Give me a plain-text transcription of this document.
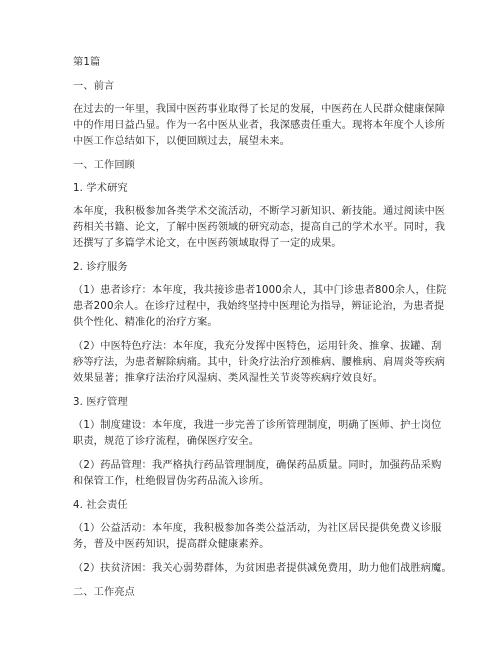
第1篇
一、前言
在过去的一年里，我国中医药事业取得了长足的发展，中医药在人民群众健康保障
中的作用日益凸显。作为一名中医从业者，我深感责任重大。现将本年度个人诊所
中医工作总结如下，以便回顾过去，展望未来。
一、工作回顾
1. 学术研究
本年度，我积极参加各类学术交流活动，不断学习新知识、新技能。通过阅读中医
药相关书籍、论文，了解中医药领域的研究动态，提高自己的学术水平。同时，我
还撰写了多篇学术论文，在中医药领域取得了一定的成果。
2. 诊疗服务
（1）患者诊疗：本年度，我共接诊患者1000余人，其中门诊患者800余人，住院
患者200余人。在诊疗过程中，我始终坚持中医理论为指导，辨证论治，为患者提
供个性化、精准化的治疗方案。
（2）中医特色疗法：本年度，我充分发挥中医特色，运用针灸、推拿、拔罐、刮
痧等疗法，为患者解除病痛。其中，针灸疗法治疗颈椎病、腰椎病、肩周炎等疾病
效果显著；推拿疗法治疗风湿病、类风湿性关节炎等疾病疗效良好。
3. 医疗管理
（1）制度建设：本年度，我进一步完善了诊所管理制度，明确了医师、护士岗位
职责，规范了诊疗流程，确保医疗安全。
（2）药品管理：我严格执行药品管理制度，确保药品质量。同时，加强药品采购
和保管工作，杜绝假冒伪劣药品流入诊所。
4. 社会责任
（1）公益活动：本年度，我积极参加各类公益活动，为社区居民提供免费义诊服
务，普及中医药知识，提高群众健康素养。
（2）扶贫济困：我关心弱势群体，为贫困患者提供减免费用，助力他们战胜病魔。
二、工作亮点
